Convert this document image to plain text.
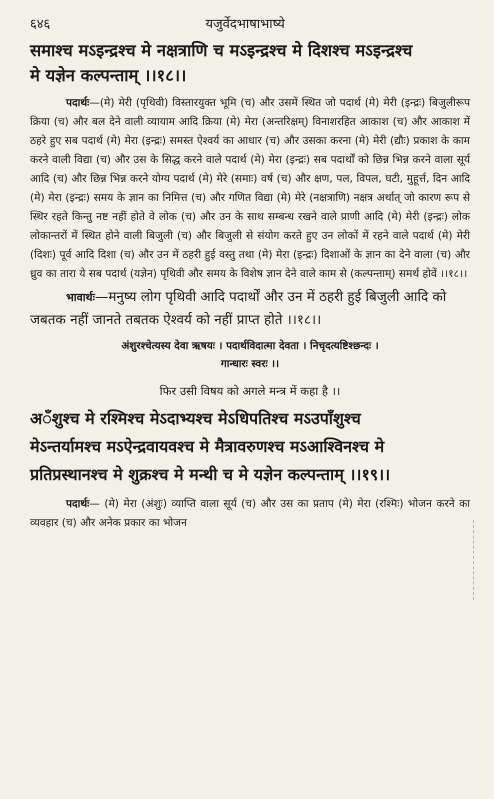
६४६	यजुर्वेदभाषाभाष्ये
समाश्च मऽइन्द्रश्च मे नक्षत्राणि च मऽइन्द्रश्च मे दिशश्च मऽइन्द्रश्च
मे यज्ञेन कल्पन्ताम् ।।१८।।

पदार्थः—(मे) मेरी (पृथिवी) विस्तारयुक्त भूमि (च) और उसमें स्थित जो पदार्थ (मे) मेरी (इन्द्रः) बिजुलीरूप क्रिया (च) और बल देने वाली व्यायाम आदि क्रिया (मे) मेरा (अन्तरिक्षम्) विनाशरहित आकाश (च) और आकाश में ठहरे हुए सब पदार्थ (मे) मेरा (इन्द्रः) समस्त ऐश्वर्य का आधार (च) और उसका करना (मे) मेरी (द्यौः) प्रकाश के काम करने वाली विद्या (च) और उस के सिद्ध करने वाले पदार्थ (मे) मेरा (इन्द्रः) सब पदार्थों को छिन्न भिन्न करने वाला सूर्य आदि (च) और छिन्न भिन्न करने योग्य पदार्थ (मे) मेरे (समाः) वर्ष (च) और क्षण, पल, विपल, घटी, मुहूर्त्त, दिन आदि (मे) मेरा (इन्द्रः) समय के ज्ञान का निमित्त (च) और गणित विद्या (मे) मेरे (नक्षत्राणि) नक्षत्र अर्थात् जो कारण रूप से स्थिर रहते किन्तु नष्ट नहीं होते वे लोक (च) और उन के साथ सम्बन्ध रखने वाले प्राणी आदि (मे) मेरी (इन्द्रः) लोक लोकान्तरों में स्थित होने वाली बिजुली (च) और बिजुली से संयोग करते हुए उन लोकों में रहने वाले पदार्थ (मे) मेरी (दिशः) पूर्व आदि दिशा (च) और उन में ठहरी हुई वस्तु तथा (मे) मेरा (इन्द्रः) दिशाओं के ज्ञान का देने वाला (च) और ध्रुव का तारा ये सब पदार्थ (यज्ञेन) पृथिवी और समय के विशेष ज्ञान देने वाले काम से (कल्पन्ताम्) समर्थ होवें ।।१८।।

भावार्थः—मनुष्य लोग पृथिवी आदि पदार्थों और उन में ठहरी हुई बिजुली आदि को जबतक नहीं जानते तबतक ऐश्वर्य को नहीं प्राप्त होते ।।१८।।

अंशुरश्चेत्यस्य देवा ऋषयः । पदार्थविदात्मा देवता । निचृदत्यष्टिश्छन्दः ।
गान्धारः स्वरः ।।
फिर उसी विषय को अगले मन्त्र में कहा है ।।
अॅंशुश्च मे रश्मिश्च मेऽदाभ्यश्च मेऽधिपतिश्च मऽउपाॅंशुश्च
मेऽन्तर्यामश्च मऽऐन्द्रवायवश्च मे मैत्रावरुणश्च मऽआश्विनश्च मे
प्रतिप्रस्थानश्च मे शुक्रश्च मे मन्थी च मे यज्ञेन कल्पन्ताम् ।।१९।।

पदार्थः— (मे) मेरा (अंशुः) व्याप्ति वाला सूर्य (च) और उस का प्रताप (मे) मेरा (रश्मिः) भोजन करने का व्यवहार (च) और अनेक प्रकार का भोजन
